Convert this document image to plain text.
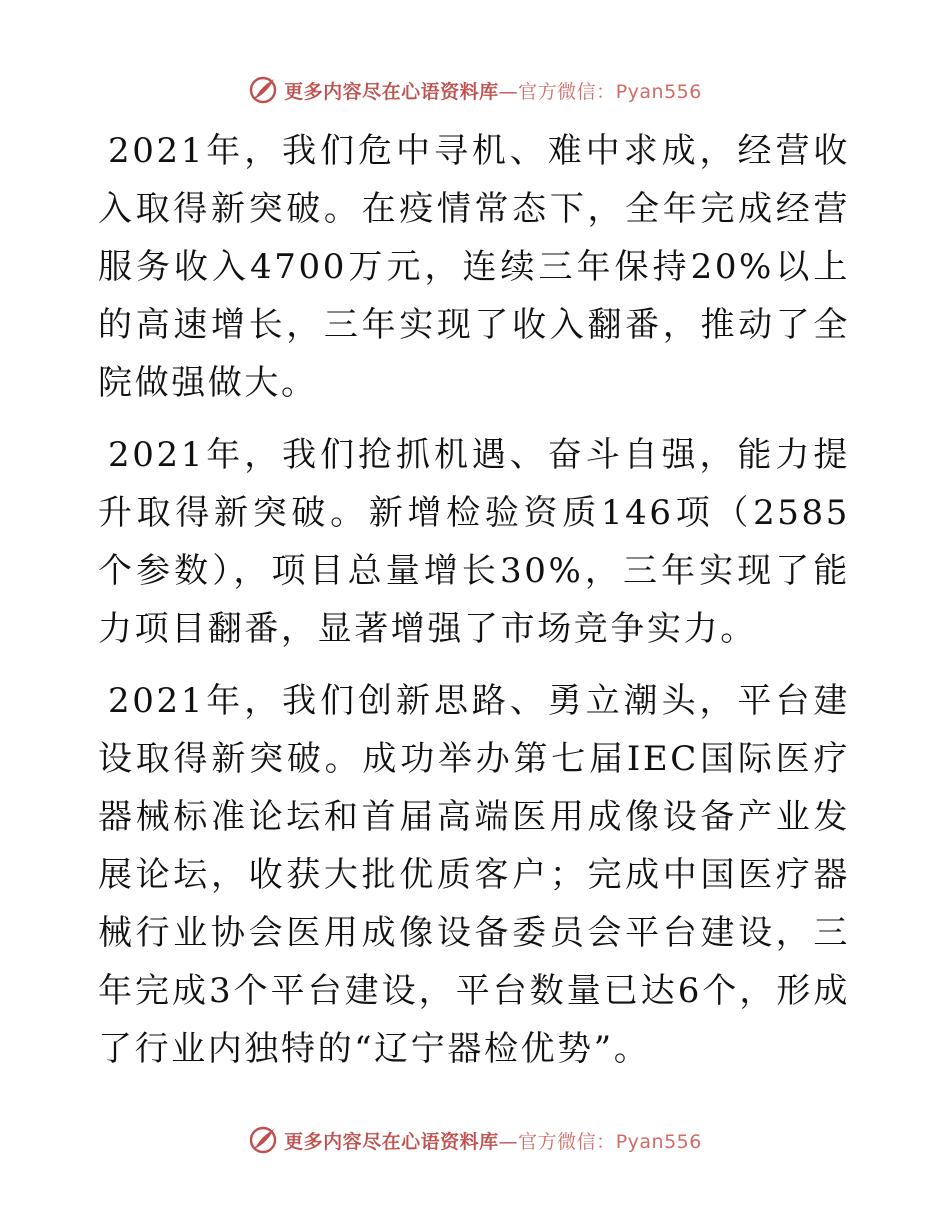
更多内容尽在心语资料库—官方微信：Pyan556

2021年，我们危中寻机、难中求成，经营收入取得新突破。在疫情常态下，全年完成经营服务收入4700万元，连续三年保持20%以上的高速增长，三年实现了收入翻番，推动了全院做强做大。

2021年，我们抢抓机遇、奋斗自强，能力提升取得新突破。新增检验资质146项（2585个参数），项目总量增长30%，三年实现了能力项目翻番，显著增强了市场竞争实力。

2021年，我们创新思路、勇立潮头，平台建设取得新突破。成功举办第七届IEC国际医疗器械标准论坛和首届高端医用成像设备产业发展论坛，收获大批优质客户；完成中国医疗器械行业协会医用成像设备委员会平台建设，三年完成3个平台建设，平台数量已达6个，形成了行业内独特的“辽宁器检优势”。

更多内容尽在心语资料库—官方微信：Pyan556
